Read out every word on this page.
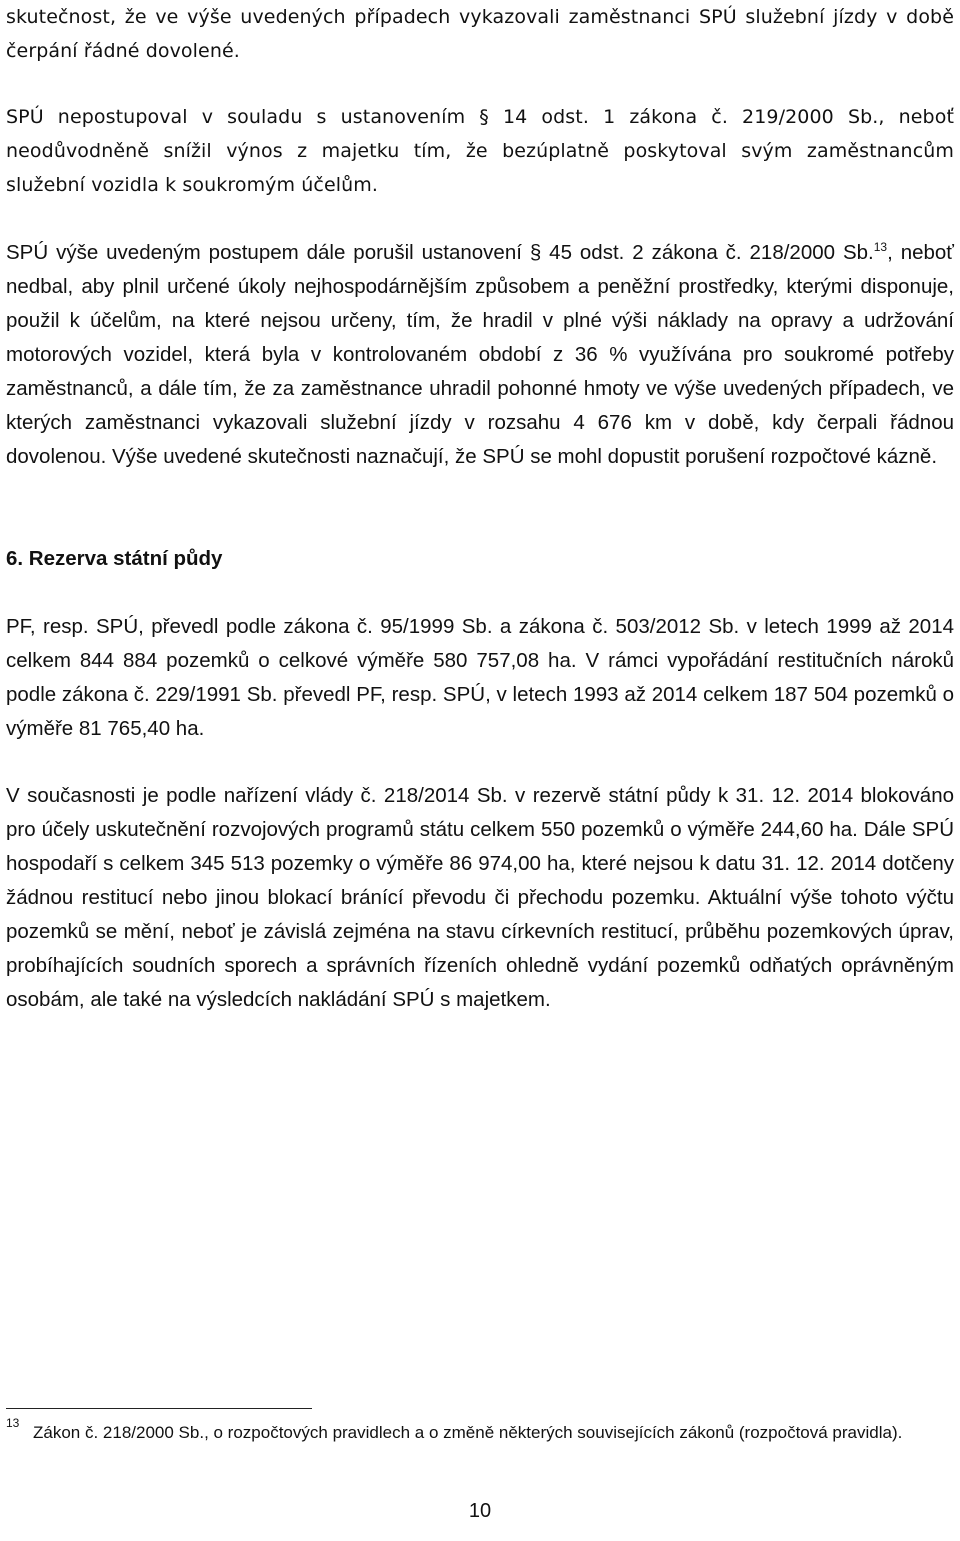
skutečnost, že ve výše uvedených případech vykazovali zaměstnanci SPÚ služební jízdy v době čerpání řádné dovolené.

SPÚ nepostupoval v souladu s ustanovením § 14 odst. 1 zákona č. 219/2000 Sb., neboť neodůvodněně snížil výnos z majetku tím, že bezúplatně poskytoval svým zaměstnancům služební vozidla k soukromým účelům.

SPÚ výše uvedeným postupem dále porušil ustanovení § 45 odst. 2 zákona č. 218/2000 Sb.$^{13}$, neboť nedbal, aby plnil určené úkoly nejhospodárnějším způsobem a peněžní prostředky, kterými disponuje, použil k účelům, na které nejsou určeny, tím, že hradil v plné výši náklady na opravy a udržování motorových vozidel, která byla v kontrolovaném období z 36 % využívána pro soukromé potřeby zaměstnanců, a dále tím, že za zaměstnance uhradil pohonné hmoty ve výše uvedených případech, ve kterých zaměstnanci vykazovali služební jízdy v rozsahu 4 676 km v době, kdy čerpali řádnou dovolenou. Výše uvedené skutečnosti naznačují, že SPÚ se mohl dopustit porušení rozpočtové kázně.

6. Rezerva státní půdy

PF, resp. SPÚ, převedl podle zákona č. 95/1999 Sb. a zákona č. 503/2012 Sb. v letech 1999 až 2014 celkem 844 884 pozemků o celkové výměře 580 757,08 ha. V rámci vypořádání restitučních nároků podle zákona č. 229/1991 Sb. převedl PF, resp. SPÚ, v letech 1993 až 2014 celkem 187 504 pozemků o výměře 81 765,40 ha.

V současnosti je podle nařízení vlády č. 218/2014 Sb. v rezervě státní půdy k 31. 12. 2014 blokováno pro účely uskutečnění rozvojových programů státu celkem 550 pozemků o výměře 244,60 ha. Dále SPÚ hospodaří s celkem 345 513 pozemky o výměře 86 974,00 ha, které nejsou k datu 31. 12. 2014 dotčeny žádnou restitucí nebo jinou blokací bránící převodu či přechodu pozemku. Aktuální výše tohoto výčtu pozemků se mění, neboť je závislá zejména na stavu církevních restitucí, průběhu pozemkových úprav, probíhajících soudních sporech a správních řízeních ohledně vydání pozemků odňatých oprávněným osobám, ale také na výsledcích nakládání SPÚ s majetkem.

13 Zákon č. 218/2000 Sb., o rozpočtových pravidlech a o změně některých souvisejících zákonů (rozpočtová pravidla).

10
